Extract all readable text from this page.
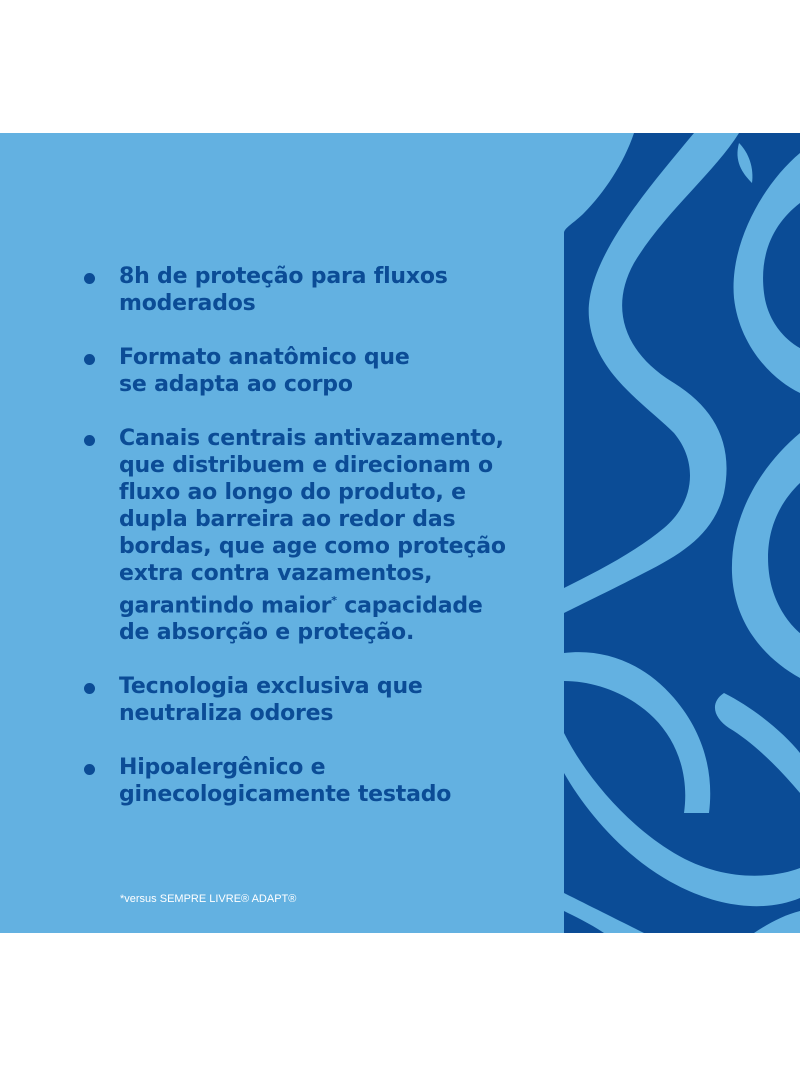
8h de proteção para fluxos
moderados
Formato anatômico que
se adapta ao corpo
Canais centrais antivazamento,
que distribuem e direcionam o
fluxo ao longo do produto, e
dupla barreira ao redor das
bordas, que age como proteção
extra contra vazamentos,
garantindo maior* capacidade
de absorção e proteção.
Tecnologia exclusiva que
neutraliza odores
Hipoalergênico e
ginecologicamente testado
*versus SEMPRE LIVRE® ADAPT®
